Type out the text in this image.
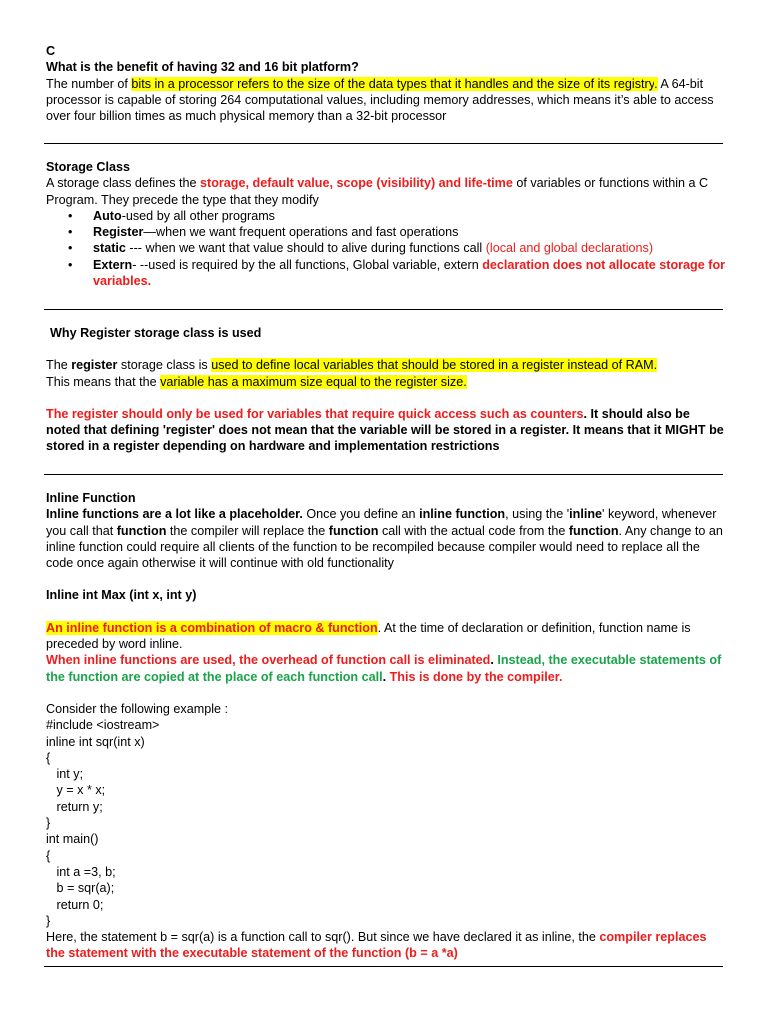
C

What is the benefit of having 32 and 16 bit platform?

The number of bits in a processor refers to the size of the data types that it handles and the size of its registry. A 64-bit processor is capable of storing 264 computational values, including memory addresses, which means it’s able to access over four billion times as much physical memory than a 32-bit processor

Storage Class

A storage class defines the storage, default value, scope (visibility) and life-time of variables or functions within a C Program. They precede the type that they modify

• Auto-used by all other programs
• Register—when we want frequent operations and fast operations
• static --- when we want that value should to alive during functions call (local and global declarations)
• Extern- --used is required by the all functions, Global variable, extern declaration does not allocate storage for variables.

Why Register storage class is used

The register storage class is used to define local variables that should be stored in a register instead of RAM.

This means that the variable has a maximum size equal to the register size.

The register should only be used for variables that require quick access such as counters. It should also be noted that defining 'register' does not mean that the variable will be stored in a register. It means that it MIGHT be stored in a register depending on hardware and implementation restrictions

Inline Function

Inline functions are a lot like a placeholder. Once you define an inline function, using the 'inline' keyword, whenever you call that function the compiler will replace the function call with the actual code from the function. Any change to an inline function could require all clients of the function to be recompiled because compiler would need to replace all the code once again otherwise it will continue with old functionality

Inline int Max (int x, int y)

An inline function is a combination of macro & function. At the time of declaration or definition, function name is preceded by word inline.

When inline functions are used, the overhead of function call is eliminated. Instead, the executable statements of the function are copied at the place of each function call. This is done by the compiler.

Consider the following example :

#include <iostream>

inline int sqr(int x)

{

int y;

y = x * x;

return y;

}

int main()

{

int a =3, b;

b = sqr(a);

return 0;

}

Here, the statement b = sqr(a) is a function call to sqr(). But since we have declared it as inline, the compiler replaces the statement with the executable statement of the function (b = a *a)
